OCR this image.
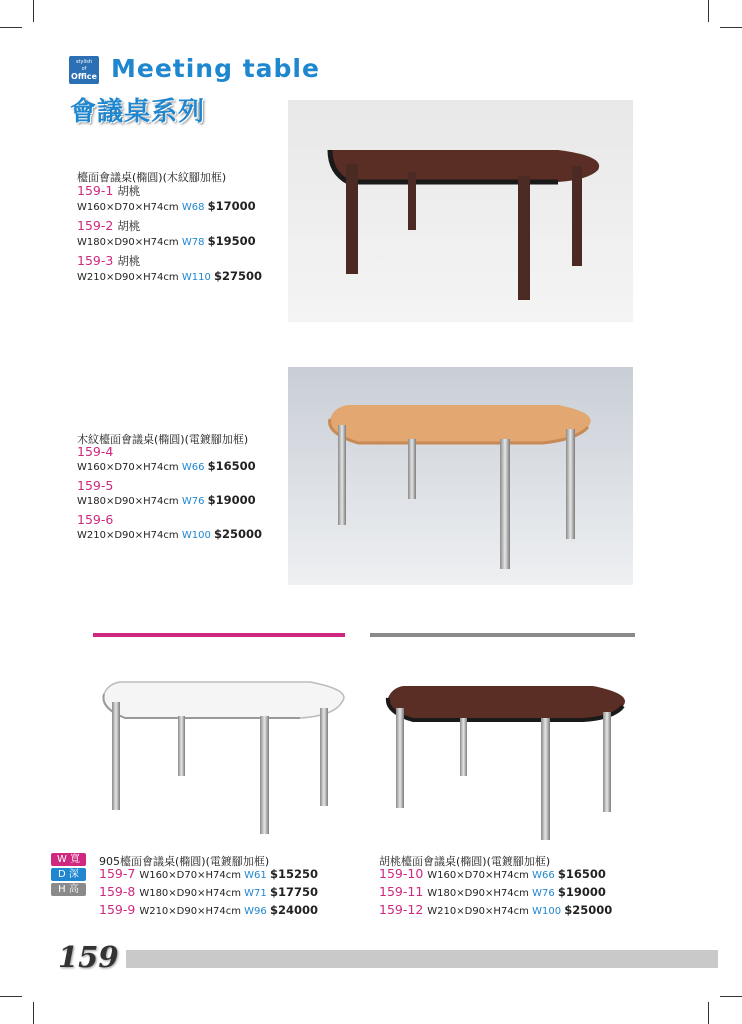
stylish
of
Office Meeting table
會議桌系列
檯面會議桌(橢圓)(木紋腳加框)
159-1 胡桃
W160×D70×H74cm W68 $17000
159-2 胡桃
W180×D90×H74cm W78 $19500
159-3 胡桃
W210×D90×H74cm W110 $27500
木紋檯面會議桌(橢圓)(電鍍腳加框)
159-4
W160×D70×H74cm W66 $16500
159-5
W180×D90×H74cm W76 $19000
159-6
W210×D90×H74cm W100 $25000
W 寬
D 深
H 高
905檯面會議桌(橢圓)(電鍍腳加框)
159-7 W160×D70×H74cm W61 $15250
159-8 W180×D90×H74cm W71 $17750
159-9 W210×D90×H74cm W96 $24000
胡桃檯面會議桌(橢圓)(電鍍腳加框)
159-10 W160×D70×H74cm W66 $16500
159-11 W180×D90×H74cm W76 $19000
159-12 W210×D90×H74cm W100 $25000
159
